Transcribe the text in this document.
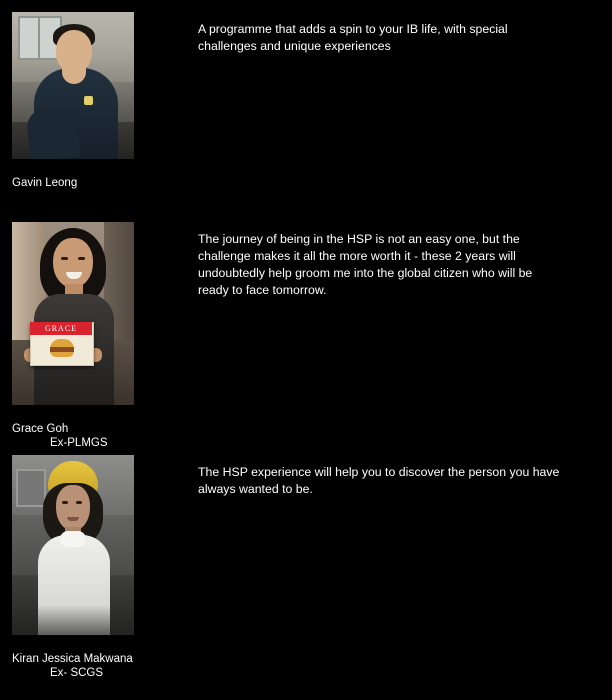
Gavin Leong

A programme that adds a spin to your IB life, with special challenges and unique experiences
GRACE

Grace Goh

Ex-PLMGS

The journey of being in the HSP is not an easy one, but the challenge makes it all the more worth it - these 2 years will undoubtedly help groom me into the global citizen who will be ready to face tomorrow.

Kiran Jessica Makwana

Ex- SCGS

The HSP experience will help you to discover the person you have always wanted to be.
